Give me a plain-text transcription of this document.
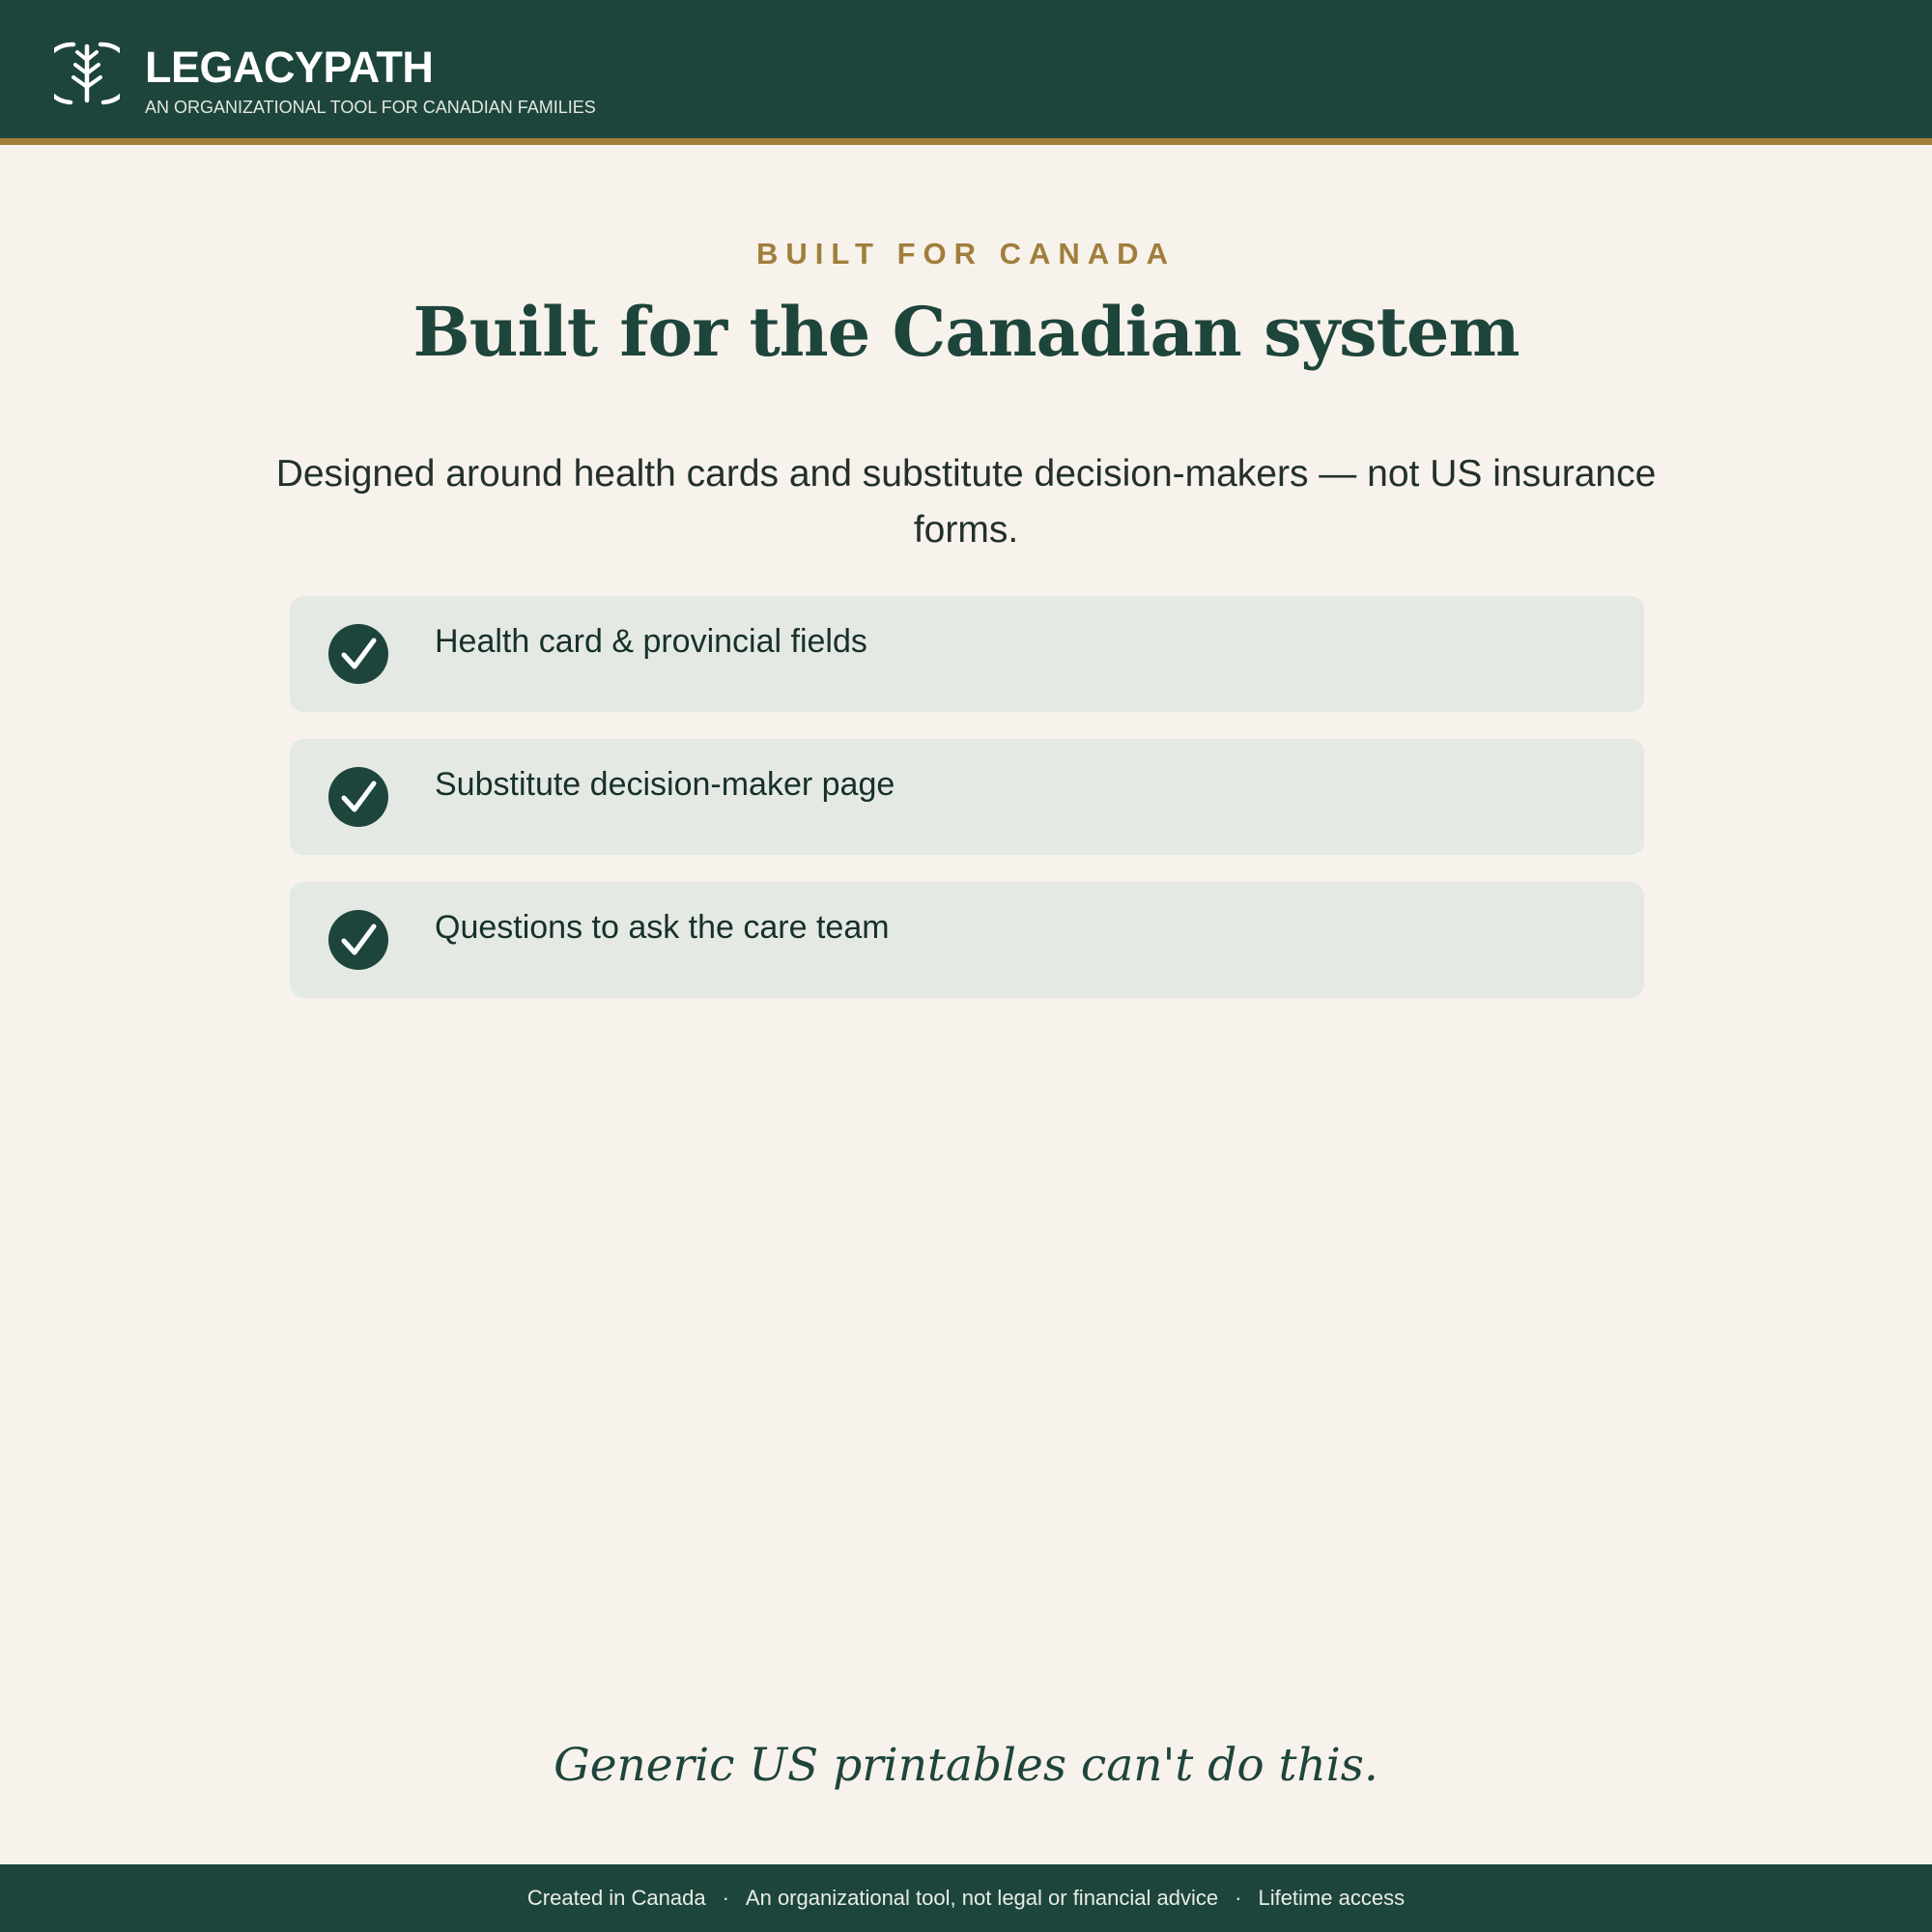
LEGACYPATH
AN ORGANIZATIONAL TOOL FOR CANADIAN FAMILIES
BUILT FOR CANADA
Built for the Canadian system

Designed around health cards and substitute decision-makers — not US insurance forms.

Health card & provincial fields
Substitute decision-maker page
Questions to ask the care team
Generic US printables can't do this.
Created in Canada · An organizational tool, not legal or financial advice · Lifetime access
